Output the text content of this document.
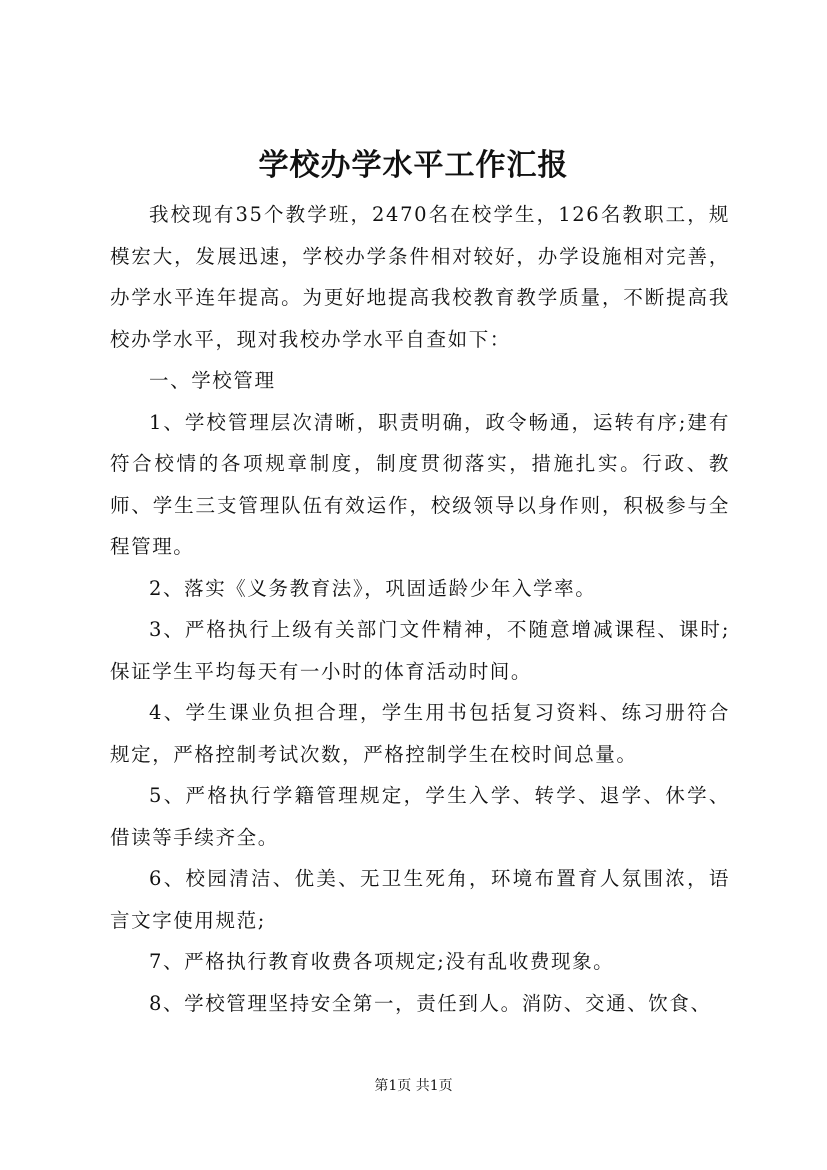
学校办学水平工作汇报

我校现有35个教学班，2470名在校学生，126名教职工，规模宏大，发展迅速，学校办学条件相对较好，办学设施相对完善，办学水平连年提高。为更好地提高我校教育教学质量，不断提高我校办学水平，现对我校办学水平自查如下：

一、学校管理

1、学校管理层次清晰，职责明确，政令畅通，运转有序;建有符合校情的各项规章制度，制度贯彻落实，措施扎实。行政、教师、学生三支管理队伍有效运作，校级领导以身作则，积极参与全程管理。

2、落实《义务教育法》，巩固适龄少年入学率。

3、严格执行上级有关部门文件精神，不随意增减课程、课时;保证学生平均每天有一小时的体育活动时间。

4、学生课业负担合理，学生用书包括复习资料、练习册符合规定，严格控制考试次数，严格控制学生在校时间总量。

5、严格执行学籍管理规定，学生入学、转学、退学、休学、借读等手续齐全。

6、校园清洁、优美、无卫生死角，环境布置育人氛围浓，语言文字使用规范;

7、严格执行教育收费各项规定;没有乱收费现象。

8、学校管理坚持安全第一，责任到人。消防、交通、饮食、

第1页 共1页
